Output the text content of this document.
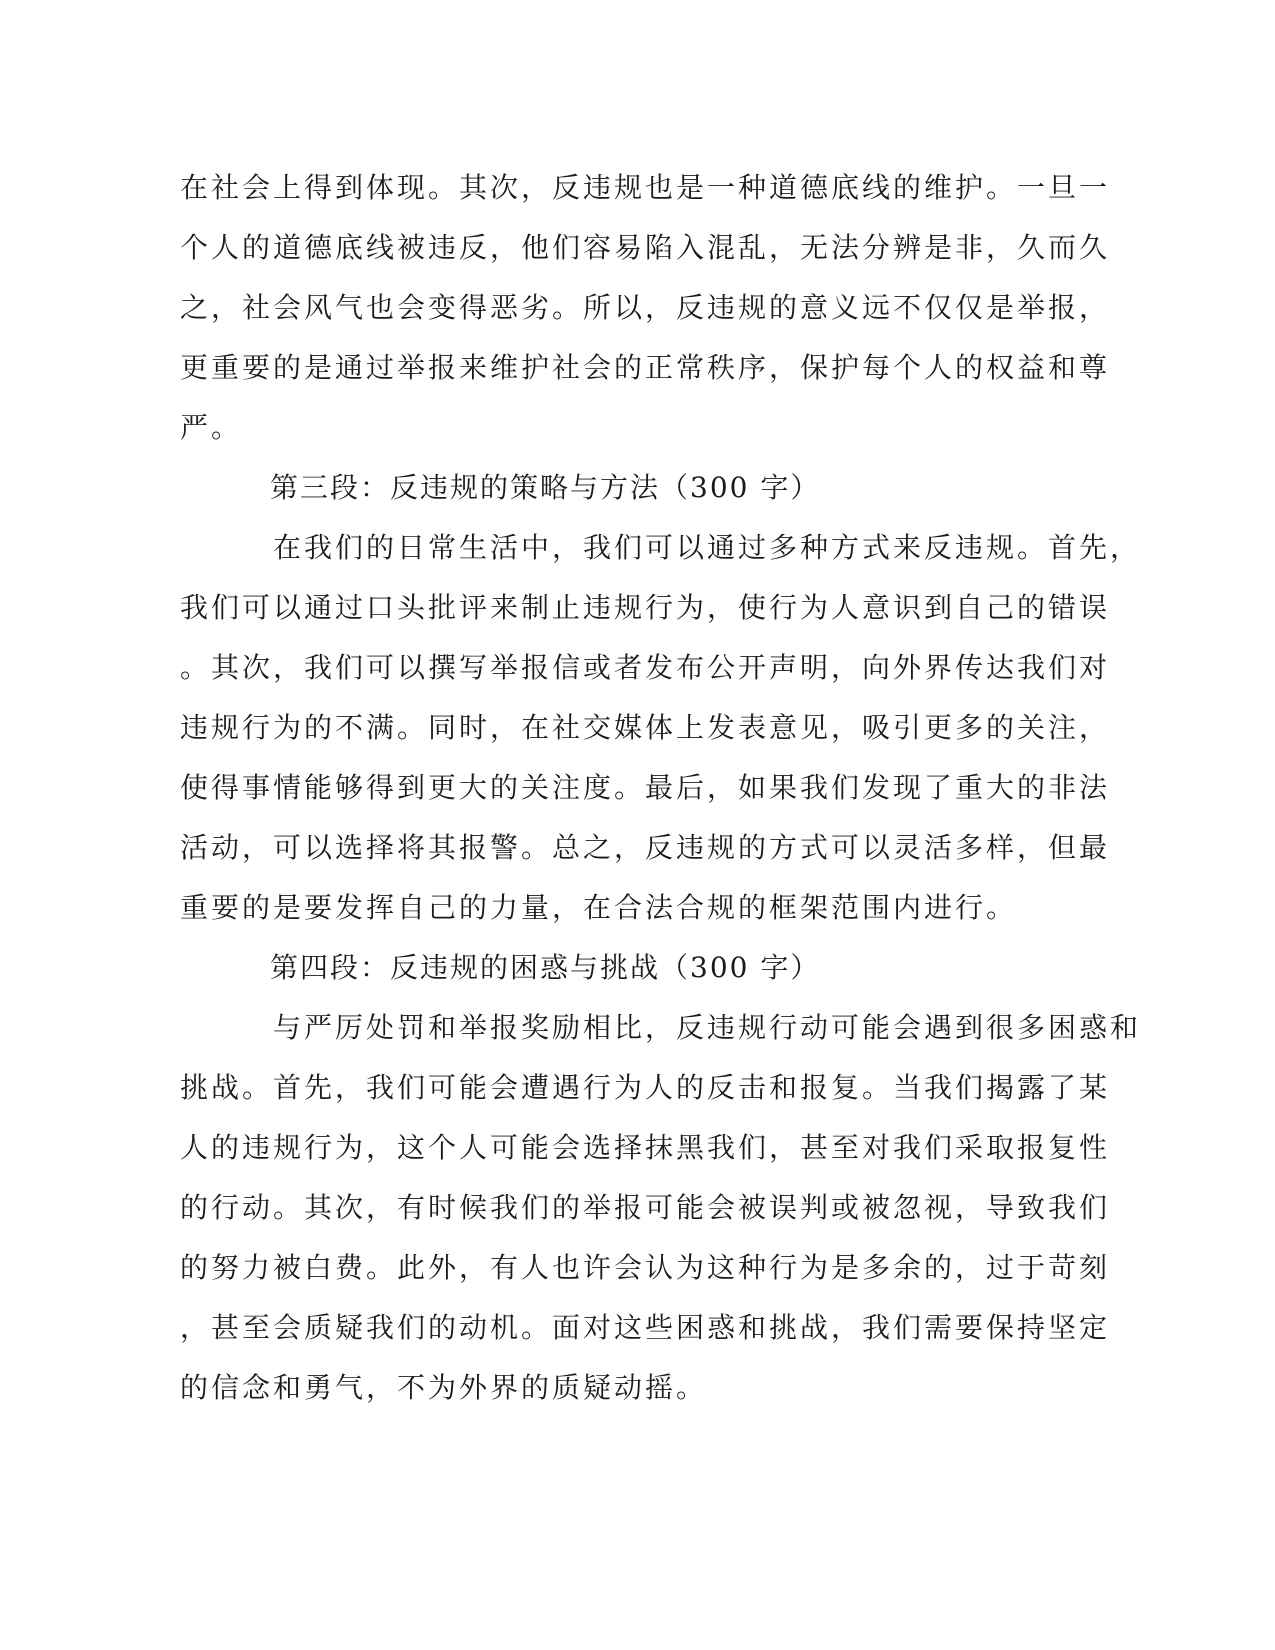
在社会上得到体现。其次，反违规也是一种道德底线的维护。一旦一
个人的道德底线被违反，他们容易陷入混乱，无法分辨是非，久而久
之，社会风气也会变得恶劣。所以，反违规的意义远不仅仅是举报，
更重要的是通过举报来维护社会的正常秩序，保护每个人的权益和尊
严。
　　　第三段：反违规的策略与方法（300 字）
　　　在我们的日常生活中，我们可以通过多种方式来反违规。首先，
我们可以通过口头批评来制止违规行为，使行为人意识到自己的错误
。其次，我们可以撰写举报信或者发布公开声明，向外界传达我们对
违规行为的不满。同时，在社交媒体上发表意见，吸引更多的关注，
使得事情能够得到更大的关注度。最后，如果我们发现了重大的非法
活动，可以选择将其报警。总之，反违规的方式可以灵活多样，但最
重要的是要发挥自己的力量，在合法合规的框架范围内进行。
　　　第四段：反违规的困惑与挑战（300 字）
　　　与严厉处罚和举报奖励相比，反违规行动可能会遇到很多困惑和
挑战。首先，我们可能会遭遇行为人的反击和报复。当我们揭露了某
人的违规行为，这个人可能会选择抹黑我们，甚至对我们采取报复性
的行动。其次，有时候我们的举报可能会被误判或被忽视，导致我们
的努力被白费。此外，有人也许会认为这种行为是多余的，过于苛刻
，甚至会质疑我们的动机。面对这些困惑和挑战，我们需要保持坚定
的信念和勇气，不为外界的质疑动摇。
